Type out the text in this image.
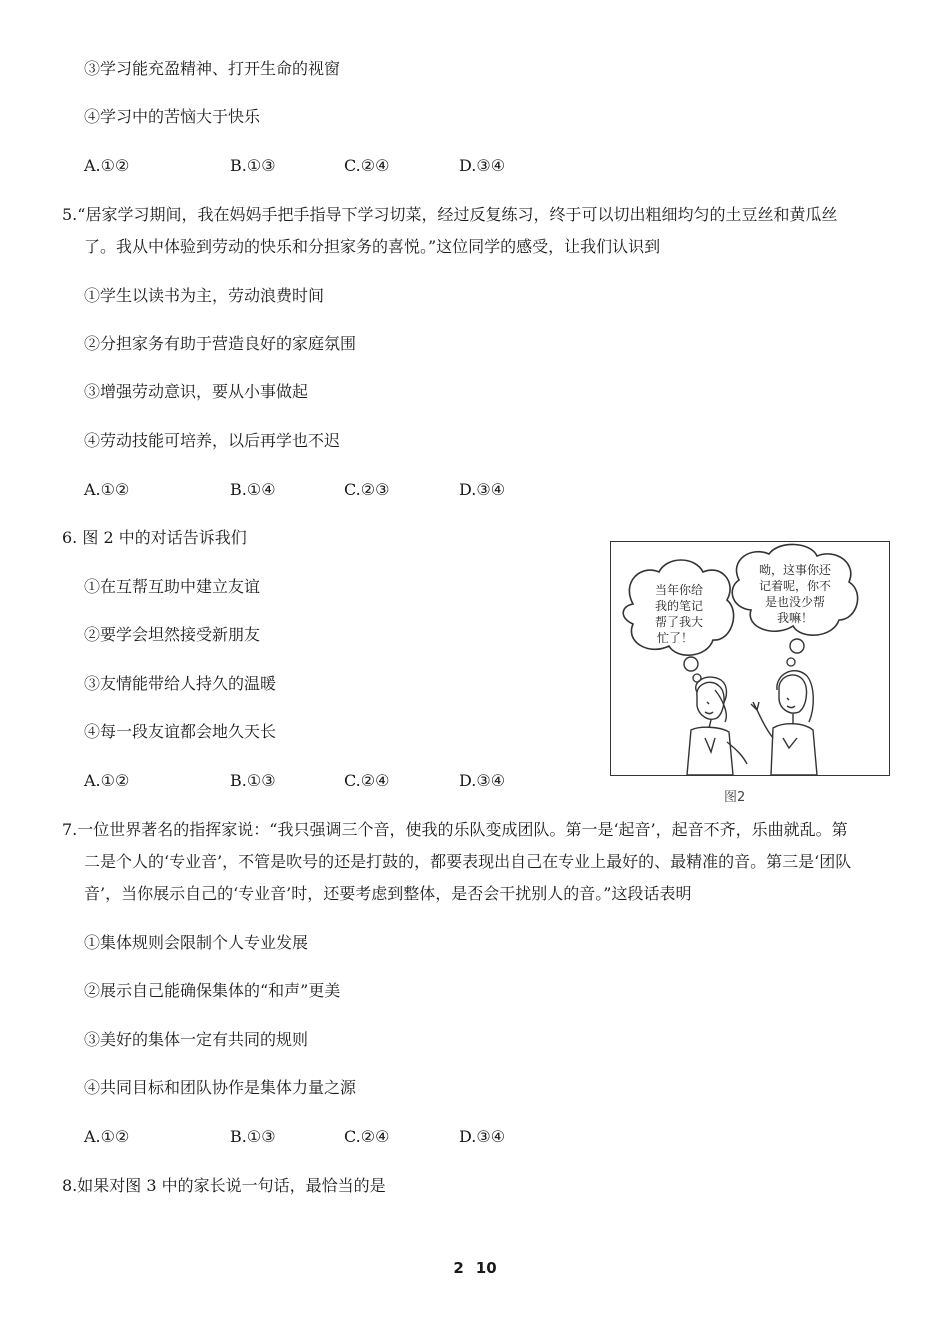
③学习能充盈精神、打开生命的视窗
④学习中的苦恼大于快乐
A.①②	B.①③	C.②④	D.③④
5.“居家学习期间，我在妈妈手把手指导下学习切菜，经过反复练习，终于可以切出粗细均匀的土豆丝和黄瓜丝
了。我从中体验到劳动的快乐和分担家务的喜悦。”这位同学的感受，让我们认识到
①学生以读书为主，劳动浪费时间
②分担家务有助于营造良好的家庭氛围
③增强劳动意识，要从小事做起
④劳动技能可培养，以后再学也不迟
A.①②	B.①④	C.②③	D.③④
6. 图 2 中的对话告诉我们
①在互帮互助中建立友谊
②要学会坦然接受新朋友
③友情能带给人持久的温暖
④每一段友谊都会地久天长
A.①②	B.①③	C.②④	D.③④
当年你给
我的笔记
帮了我大
忙了！
呦，这事你还
记着呢，你不
是也没少帮
我嘛！
图2
7.一位世界著名的指挥家说：“我只强调三个音，使我的乐队变成团队。第一是‘起音’，起音不齐，乐曲就乱。第
二是个人的‘专业音’，不管是吹号的还是打鼓的，都要表现出自己在专业上最好的、最精准的音。第三是‘团队
音’，当你展示自己的‘专业音’时，还要考虑到整体，是否会干扰别人的音。”这段话表明
①集体规则会限制个人专业发展
②展示自己能确保集体的“和声”更美
③美好的集体一定有共同的规则
④共同目标和团队协作是集体力量之源
A.①②	B.①③	C.②④	D.③④
8.如果对图 3 中的家长说一句话，最恰当的是
2 10
